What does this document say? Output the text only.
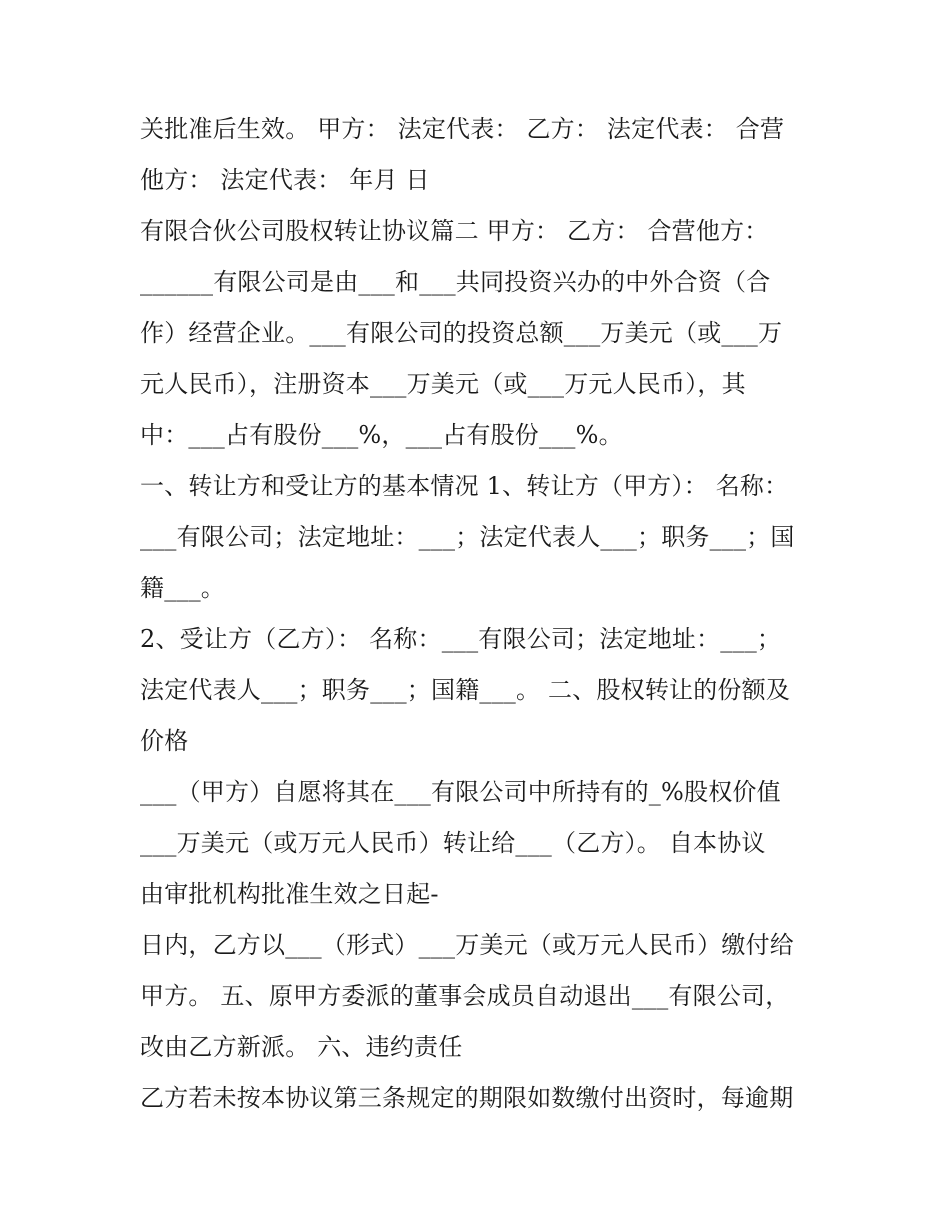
关批准后生效。 甲方： 法定代表： 乙方： 法定代表： 合营
他方： 法定代表： 年月 日
有限合伙公司股权转让协议篇二 甲方： 乙方： 合营他方：
______有限公司是由___和___共同投资兴办的中外合资（合
作）经营企业。___有限公司的投资总额___万美元（或___万
元人民币），注册资本___万美元（或___万元人民币），其
中：___占有股份___%，___占有股份___%。
一、转让方和受让方的基本情况 1、转让方（甲方）： 名称：
___有限公司；法定地址：___；法定代表人___；职务___；国
籍___。
2、受让方（乙方）： 名称：___有限公司；法定地址：___；
法定代表人___；职务___；国籍___。 二、股权转让的份额及
价格
___（甲方）自愿将其在___有限公司中所持有的_%股权价值
___万美元（或万元人民币）转让给___（乙方）。 自本协议
由审批机构批准生效之日起-
日内，乙方以___（形式）___万美元（或万元人民币）缴付给
甲方。 五、原甲方委派的董事会成员自动退出___有限公司，
改由乙方新派。 六、违约责任
乙方若未按本协议第三条规定的期限如数缴付出资时，每逾期
